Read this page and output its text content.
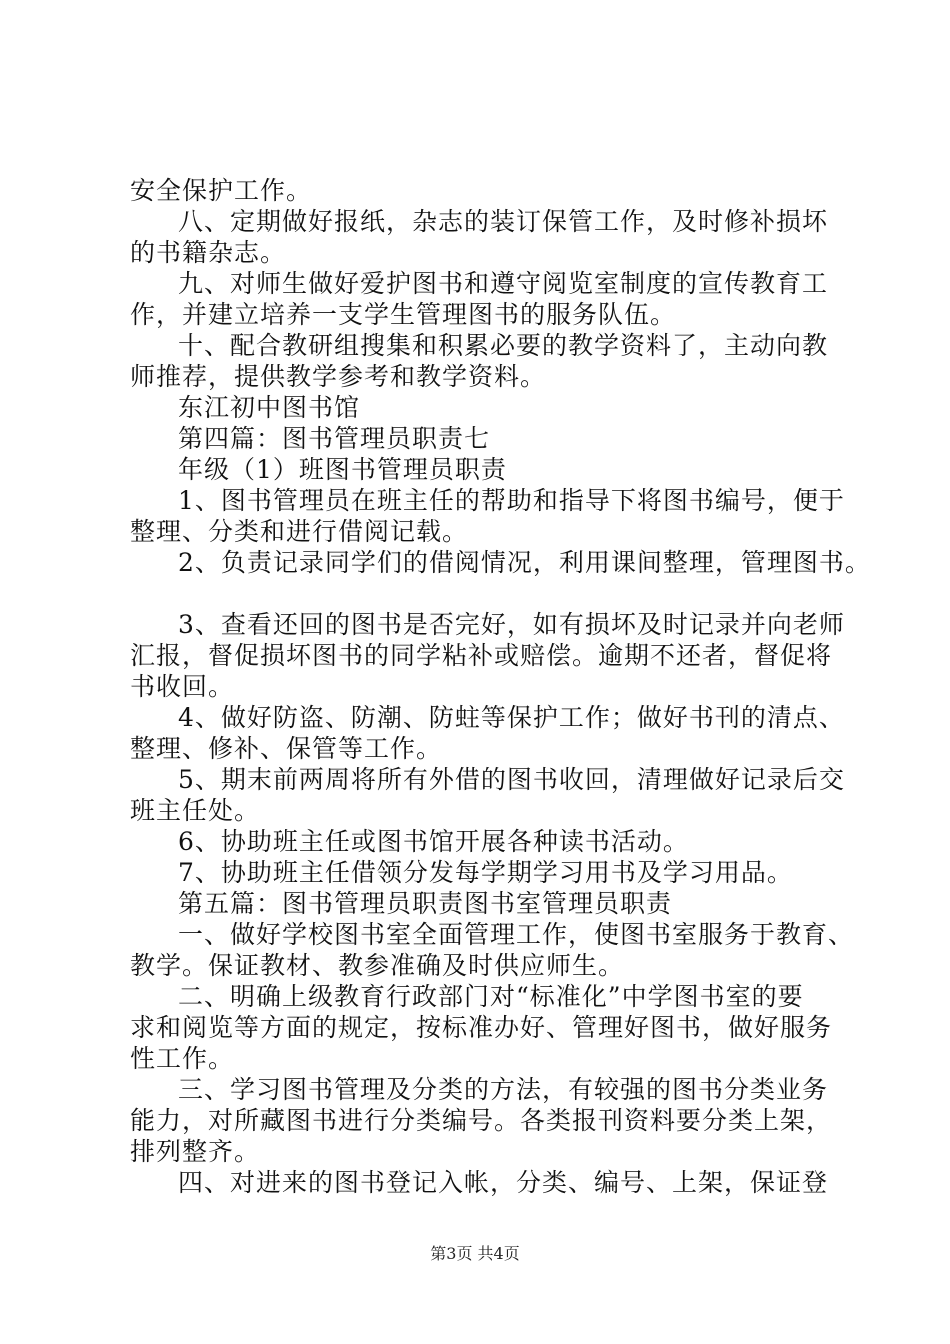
安全保护工作。
八、定期做好报纸，杂志的装订保管工作，及时修补损坏
的书籍杂志。
九、对师生做好爱护图书和遵守阅览室制度的宣传教育工
作，并建立培养一支学生管理图书的服务队伍。
十、配合教研组搜集和积累必要的教学资料了，主动向教
师推荐，提供教学参考和教学资料。
东江初中图书馆
第四篇：图书管理员职责七
年级（1）班图书管理员职责
1、图书管理员在班主任的帮助和指导下将图书编号，便于
整理、分类和进行借阅记载。
2、负责记录同学们的借阅情况，利用课间整理，管理图书。
3、查看还回的图书是否完好，如有损坏及时记录并向老师
汇报，督促损坏图书的同学粘补或赔偿。逾期不还者，督促将
书收回。
4、做好防盗、防潮、防蛀等保护工作；做好书刊的清点、
整理、修补、保管等工作。
5、期末前两周将所有外借的图书收回，清理做好记录后交
班主任处。
6、协助班主任或图书馆开展各种读书活动。
7、协助班主任借领分发每学期学习用书及学习用品。
第五篇：图书管理员职责图书室管理员职责
一、做好学校图书室全面管理工作，使图书室服务于教育、
教学。保证教材、教参准确及时供应师生。
二、明确上级教育行政部门对“标准化”中学图书室的要
求和阅览等方面的规定，按标准办好、管理好图书，做好服务
性工作。
三、学习图书管理及分类的方法，有较强的图书分类业务
能力，对所藏图书进行分类编号。各类报刊资料要分类上架，
排列整齐。
四、对进来的图书登记入帐，分类、编号、上架，保证登
第3页 共4页
